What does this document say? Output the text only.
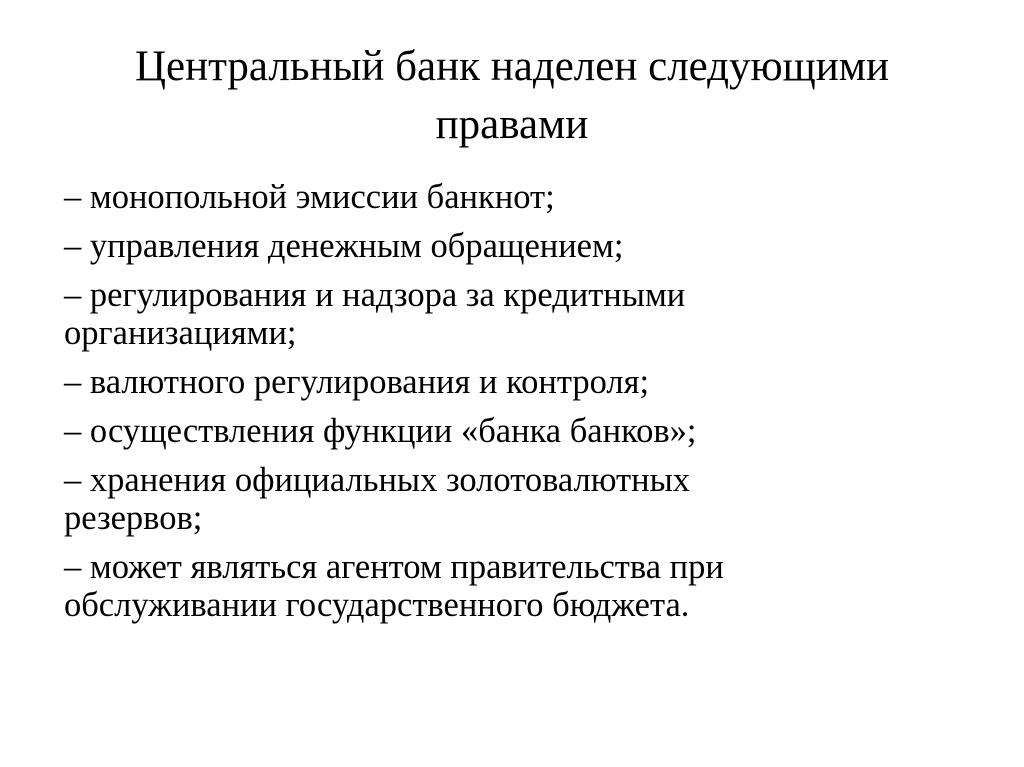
Центральный банк наделен следующими
правами
– монопольной эмиссии банкнот;
– управления денежным обращением;
– регулирования и надзора за кредитными
организациями;
– валютного регулирования и контроля;
– осуществления функции «банка банков»;
– хранения официальных золотовалютных
резервов;
– может являться агентом правительства при
обслуживании государственного бюджета.
